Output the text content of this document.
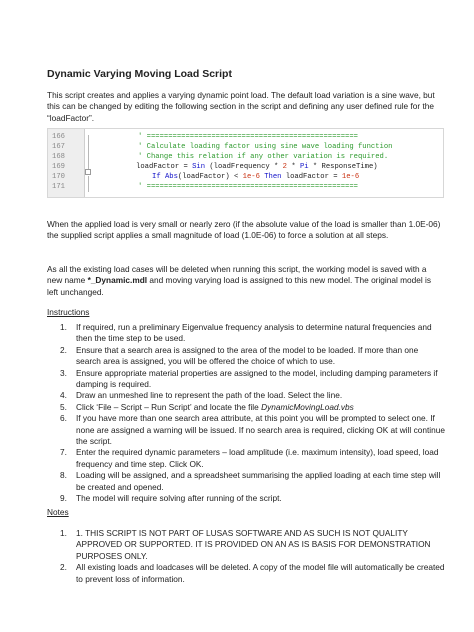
Dynamic Varying Moving Load Script
This script creates and applies a varying dynamic point load. The default load variation is a sine wave, but this can be changed by editing the following section in the script and defining any user defined rule for the “loadFactor”.
166
167
168
169
170
171
' =================================================
' Calculate loading factor using sine wave loading function
' Change this relation if any other variation is required.
loadFactor = Sin (loadFrequency * 2 * Pi * ResponseTime)
If Abs(loadFactor) < 1e-6 Then loadFactor = 1e-6
' =================================================
When the applied load is very small or nearly zero (if the absolute value of the load is smaller than 1.0E-06) the supplied script applies a small magnitude of load (1.0E-06) to force a solution at all steps.
As all the existing load cases will be deleted when running this script, the working model is saved with a new name *_Dynamic.mdl and moving varying load is assigned to this new model. The original model is left unchanged.
Instructions
1. If required, run a preliminary Eigenvalue frequency analysis to determine natural frequencies and then the time step to be used.
2. Ensure that a search area is assigned to the area of the model to be loaded. If more than one search area is assigned, you will be offered the choice of which to use.
3. Ensure appropriate material properties are assigned to the model, including damping parameters if damping is required.
4. Draw an unmeshed line to represent the path of the load. Select the line.
5. Click ‘File – Script – Run Script’ and locate the file DynamicMovingLoad.vbs
6. If you have more than one search area attribute, at this point you will be prompted to select one. If none are assigned a warning will be issued. If no search area is required, clicking OK at will continue the script.
7. Enter the required dynamic parameters – load amplitude (i.e. maximum intensity), load speed, load frequency and time step. Click OK.
8. Loading will be assigned, and a spreadsheet summarising the applied loading at each time step will be created and opened.
9. The model will require solving after running of the script.
Notes
1. 1. THIS SCRIPT IS NOT PART OF LUSAS SOFTWARE AND AS SUCH IS NOT QUALITY APPROVED OR SUPPORTED. IT IS PROVIDED ON AN AS IS BASIS FOR DEMONSTRATION PURPOSES ONLY.
2. All existing loads and loadcases will be deleted. A copy of the model file will automatically be created to prevent loss of information.
